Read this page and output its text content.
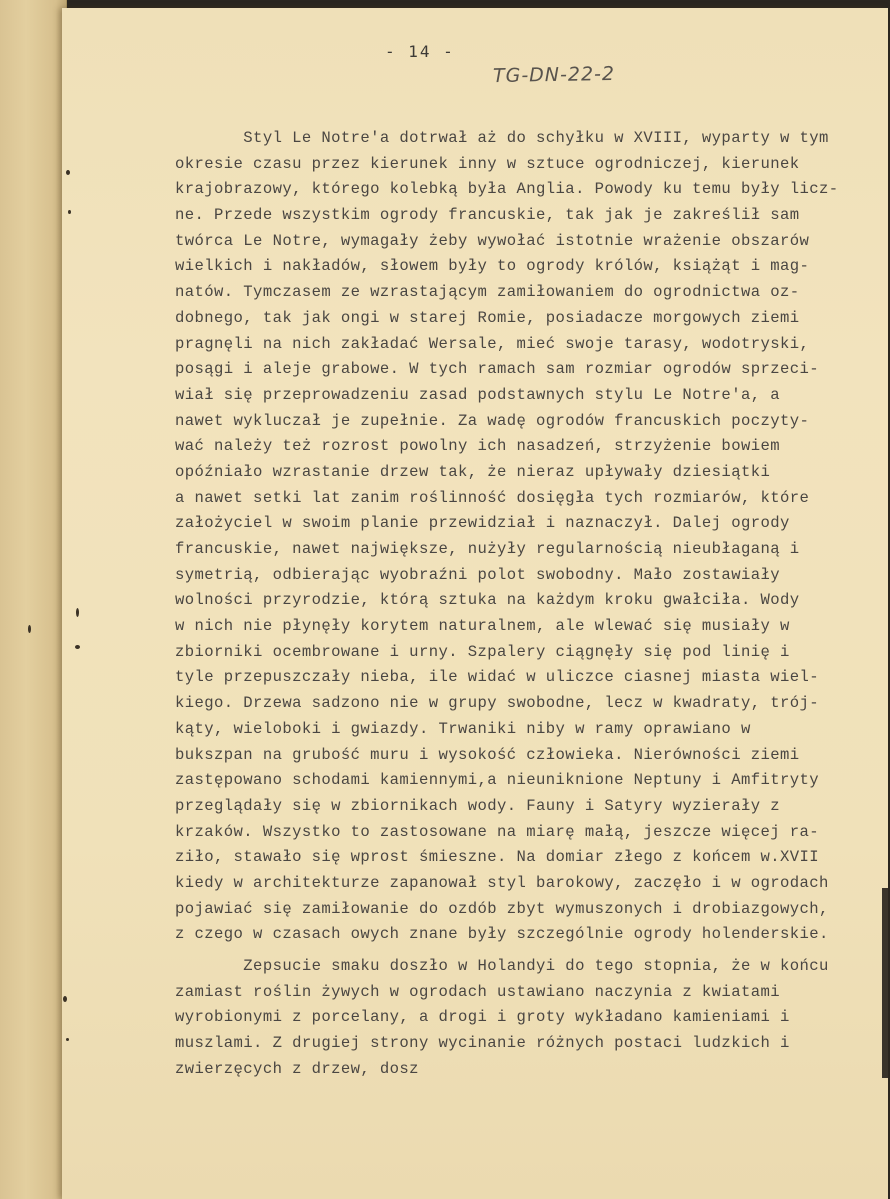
- 14 -
TG-DN-22-2
Styl Le Notre'a dotrwał aż do schyłku w XVIII, wyparty w tym
okresie czasu przez kierunek inny w sztuce ogrodniczej, kierunek
krajobrazowy, którego kolebką była Anglia. Powody ku temu były licz-
ne. Przede wszystkim ogrody francuskie, tak jak je zakreślił sam
twórca Le Notre, wymagały żeby wywołać istotnie wrażenie obszarów
wielkich i nakładów, słowem były to ogrody królów, książąt i mag-
natów. Tymczasem ze wzrastającym zamiłowaniem do ogrodnictwa oz-
dobnego, tak jak ongi w starej Romie, posiadacze morgowych ziemi
pragnęli na nich zakładać Wersale, mieć swoje tarasy, wodotryski,
posągi i aleje grabowe. W tych ramach sam rozmiar ogrodów sprzeci-
wiał się przeprowadzeniu zasad podstawnych stylu Le Notre'a, a
nawet wykluczał je zupełnie. Za wadę ogrodów francuskich poczyty-
wać należy też rozrost powolny ich nasadzeń, strzyżenie bowiem
opóźniało wzrastanie drzew tak, że nieraz upływały dziesiątki
a nawet setki lat zanim roślinność dosięgła tych rozmiarów, które
założyciel w swoim planie przewidział i naznaczył. Dalej ogrody
francuskie, nawet największe, nużyły regularnością nieubłaganą i
symetrią, odbierając wyobraźni polot swobodny. Mało zostawiały
wolności przyrodzie, którą sztuka na każdym kroku gwałciła. Wody
w nich nie płynęły korytem naturalnem, ale wlewać się musiały w
zbiorniki ocembrowane i urny. Szpalery ciągnęły się pod linię i
tyle przepuszczały nieba, ile widać w uliczce ciasnej miasta wiel-
kiego. Drzewa sadzono nie w grupy swobodne, lecz w kwadraty, trój-
kąty, wieloboki i gwiazdy. Trwaniki niby w ramy oprawiano w
bukszpan na grubość muru i wysokość człowieka. Nierówności ziemi
zastępowano schodami kamiennymi,a nieuniknione Neptuny i Amfitryty
przeglądały się w zbiornikach wody. Fauny i Satyry wyzierały z
krzaków. Wszystko to zastosowane na miarę małą, jeszcze więcej ra-
ziło, stawało się wprost śmieszne. Na domiar złego z końcem w.XVII
kiedy w architekturze zapanował styl barokowy, zaczęło i w ogrodach
pojawiać się zamiłowanie do ozdób zbyt wymuszonych i drobiazgowych,
z czego w czasach owych znane były szczególnie ogrody holenderskie.
Zepsucie smaku doszło w Holandyi do tego stopnia, że w końcu
zamiast roślin żywych w ogrodach ustawiano naczynia z kwiatami
wyrobionymi z porcelany, a drogi i groty wykładano kamieniami i
muszlami. Z drugiej strony wycinanie różnych postaci ludzkich i
zwierzęcych z drzew, dosz
